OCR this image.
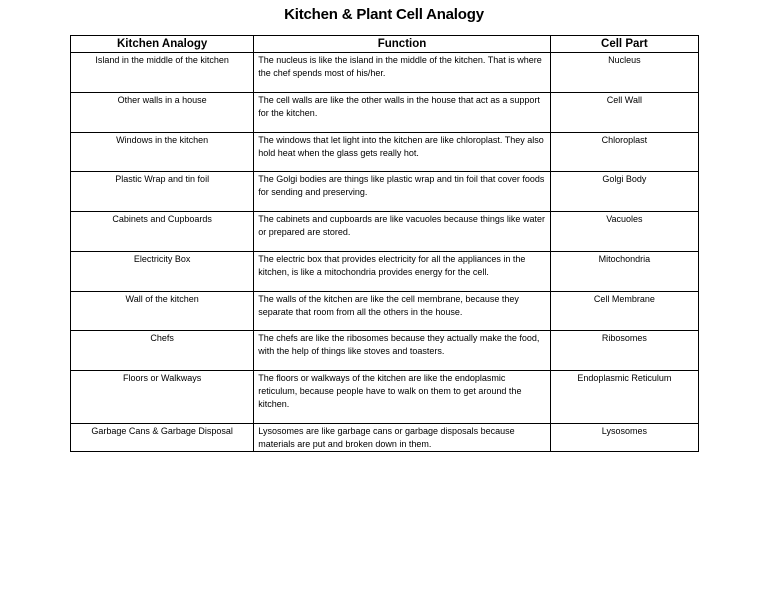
Kitchen & Plant Cell Analogy
Kitchen Analogy	Function	Cell Part
Island in the middle of the kitchen	The nucleus is like the island in the middle of the kitchen. That is where the chef spends most of his/her.	Nucleus
Other walls in a house	The cell walls are like the other walls in the house that act as a support for the kitchen.	Cell Wall
Windows in the kitchen	The windows that let light into the kitchen are like chloroplast. They also hold heat when the glass gets really hot.	Chloroplast
Plastic Wrap and tin foil	The Golgi bodies are things like plastic wrap and tin foil that cover foods for sending and preserving.	Golgi Body
Cabinets and Cupboards	The cabinets and cupboards are like vacuoles because things like water or prepared are stored.	Vacuoles
Electricity Box	The electric box that provides electricity for all the appliances in the kitchen, is like a mitochondria provides energy for the cell.	Mitochondria
Wall of the kitchen	The walls of the kitchen are like the cell membrane, because they separate that room from all the others in the house.	Cell Membrane
Chefs	The chefs are like the ribosomes because they actually make the food, with the help of things like stoves and toasters.	Ribosomes
Floors or Walkways	The floors or walkways of the kitchen are like the endoplasmic reticulum, because people have to walk on them to get around the kitchen.	Endoplasmic Reticulum
Garbage Cans & Garbage Disposal	Lysosomes are like garbage cans or garbage disposals because materials are put and broken down in them.	Lysosomes
